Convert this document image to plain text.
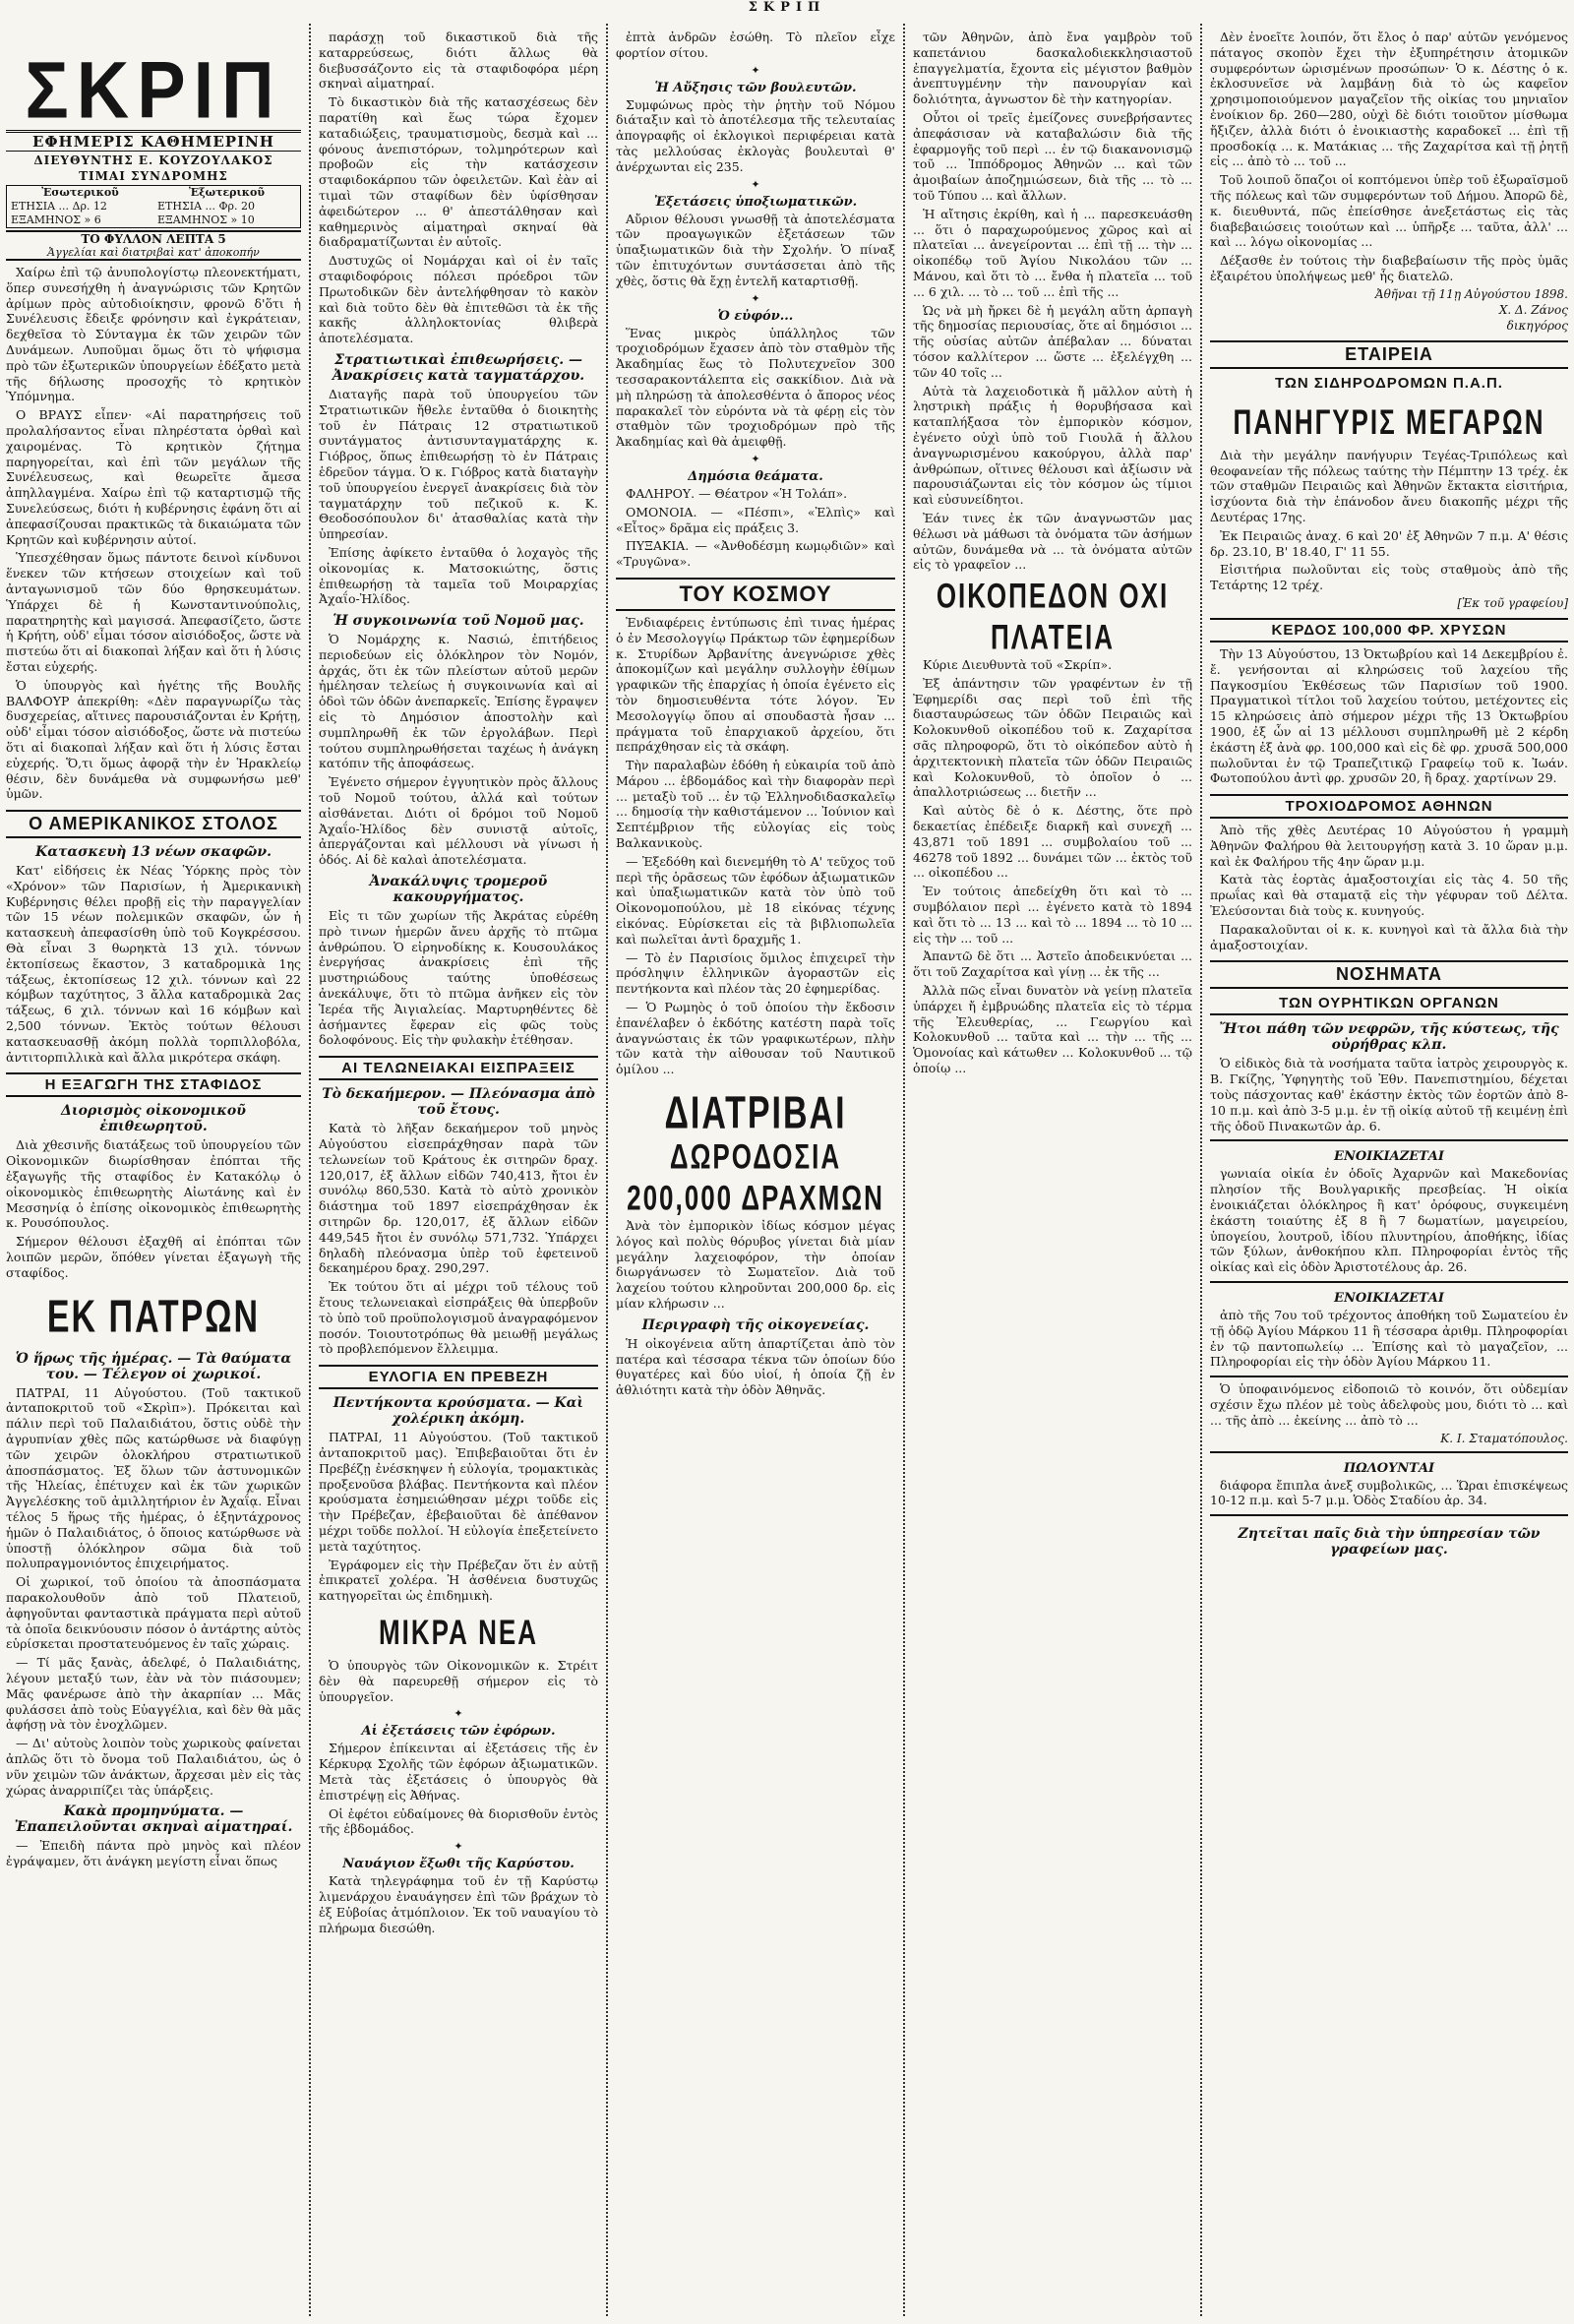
ΣΚΡΙΠ
ΣΚΡΙΠ
ΕΦΗΜΕΡΙΣ ΚΑΘΗΜΕΡΙΝΗ
ΔΙΕΥΘΥΝΤΗΣ Ε. ΚΟΥΖΟΥΛΑΚΟΣ
ΤΙΜΑΙ ΣΥΝΔΡΟΜΗΣ
Ἐσωτερικοῦ	Ἐξωτερικοῦ
ΕΤΗΣΙΑ ... Δρ. 12 ΕΞΑΜΗΝΟΣ » 6
ΕΤΗΣΙΑ ... Φρ. 20 ΕΞΑΜΗΝΟΣ » 10
ΤΟ ΦΥΛΛΟΝ ΛΕΠΤΑ 5
Ἀγγελίαι καὶ διατριβαὶ κατ' ἀποκοπήν

Χαίρω ἐπὶ τῷ ἀνυπολογίστῳ πλεονεκτήματι, ὅπερ συνεσήχθη ἡ ἀναγνώρισις τῶν Κρητῶν ἀρίμων πρὸς αὐτοδιοίκησιν, φρονῶ δ'ὅτι ἡ Συνέλευσις ἔδειξε φρόνησιν καὶ ἐγκράτειαν, δεχθεῖσα τὸ Σύνταγμα ἐκ τῶν χειρῶν τῶν Δυνάμεων. Λυποῦμαι ὅμως ὅτι τὸ ψήφισμα πρὸ τῶν ἐξωτερικῶν ὑπουργείων ἐδέξατο μετὰ τῆς δήλωσης προσοχῆς τὸ κρητικὸν Ὑπόμνημα.

Ο ΒΡΑΥΣ εἶπεν· «Αἱ παρατηρήσεις τοῦ προλαλήσαντος εἶναι πληρέστατα ὀρθαὶ καὶ χαιρομένας. Τὸ κρητικὸν ζήτημα παρηγορείται, καὶ ἐπὶ τῶν μεγάλων τῆς Συνέλευσεως, καὶ θεωρεῖτε ἄμεσα ἀπηλλαγμένα. Χαίρω ἐπὶ τῷ καταρτισμῷ τῆς Συνελεύσεως, διότι ἡ κυβέρνησις ἐφάνη ὅτι αἱ ἀπεφασίζουσαι πρακτικῶς τὰ δικαιώματα τῶν Κρητῶν καὶ κυβέρνησιν αὐτοί.

Ὑπεσχέθησαν ὅμως πάντοτε δεινοὶ κίνδυνοι ἕνεκεν τῶν κτήσεων στοιχείων καὶ τοῦ ἀνταγωνισμοῦ τῶν δύο θρησκευμάτων. Ὑπάρχει δὲ ἡ Κωνσταντινούπολις, παρατηρητὴς καὶ μαγισσά. Ἀπεφασίζετο, ὥστε ἡ Κρήτη, οὐδ' εἶμαι τόσον αἰσιόδοξος, ὥστε νὰ πιστεύω ὅτι αἱ διακοπαὶ λήξαν καὶ ὅτι ἡ λύσις ἔσται εὐχερής.

Ὁ ὑπουργὸς καὶ ἡγέτης τῆς Βουλῆς ΒΑΛΦΟΥΡ ἀπεκρίθη: «Δὲν παραγνωρίζω τὰς δυσχερείας, αἵτινες παρουσιάζονται ἐν Κρήτῃ, οὐδ' εἶμαι τόσον αἰσιόδοξος, ὥστε νὰ πιστεύω ὅτι αἱ διακοπαὶ λήξαν καὶ ὅτι ἡ λύσις ἔσται εὐχερής. Ὅ,τι ὅμως ἀφορᾷ τὴν ἐν Ἡρακλείῳ θέσιν, δὲν δυνάμεθα νὰ συμφωνήσω μεθ' ὑμῶν.

Ο ΑΜΕΡΙΚΑΝΙΚΟΣ ΣΤΟΛΟΣ
Κατασκευὴ 13 νέων σκαφῶν.

Κατ' εἰδήσεις ἐκ Νέας Ὑόρκης πρὸς τὸν «Χρόνον» τῶν Παρισίων, ἡ Ἀμερικανικὴ Κυβέρνησις θέλει προβῇ εἰς τὴν παραγγελίαν τῶν 15 νέων πολεμικῶν σκαφῶν, ὧν ἡ κατασκευὴ ἀπεφασίσθη ὑπὸ τοῦ Κογκρέσσου. Θὰ εἶναι 3 θωρηκτὰ 13 χιλ. τόννων ἐκτοπίσεως ἕκαστον, 3 καταδρομικὰ 1ης τάξεως, ἐκτοπίσεως 12 χιλ. τόννων καὶ 22 κόμβων ταχύτητος, 3 ἄλλα καταδρομικὰ 2ας τάξεως, 6 χιλ. τόννων καὶ 16 κόμβων καὶ 2,500 τόννων. Ἐκτὸς τούτων θέλουσι κατασκευασθῇ ἀκόμη πολλὰ τορπιλλοβόλα, ἀντιτορπιλλικὰ καὶ ἄλλα μικρότερα σκάφη.

Η ΕΞΑΓΩΓΗ ΤΗΣ ΣΤΑΦΙΔΟΣ
Διορισμὸς οἰκονομικοῦ ἐπιθεωρητοῦ.

Διὰ χθεσινῆς διατάξεως τοῦ ὑπουργείου τῶν Οἰκονομικῶν διωρίσθησαν ἐπόπται τῆς ἐξαγωγῆς τῆς σταφίδος ἐν Κατακόλῳ ὁ οἰκονομικὸς ἐπιθεωρητὴς Αἰωτάνης καὶ ἐν Μεσσηνίᾳ ὁ ἐπίσης οἰκονομικὸς ἐπιθεωρητὴς κ. Ρουσόπουλος.

Σήμερον θέλουσι ἐξαχθῆ αἱ ἐπόπται τῶν λοιπῶν μερῶν, ὅπόθεν γίνεται ἐξαγωγὴ τῆς σταφίδος.

ΕΚ ΠΑΤΡΩΝ
Ὁ ἥρως τῆς ἡμέρας. — Τὰ θαύματα του. — Τέλεγον οἱ χωρικοί.

ΠΑΤΡΑΙ, 11 Αὐγούστου. (Τοῦ τακτικοῦ ἀνταποκριτοῦ τοῦ «Σκρὶπ»). Πρόκειται καὶ πάλιν περὶ τοῦ Παλαιδιάτου, ὅστις οὐδὲ τὴν ἀγρυπνίαν χθὲς πῶς κατώρθωσε νὰ διαφύγῃ τῶν χειρῶν ὁλοκλήρου στρατιωτικοῦ ἀποσπάσματος. Ἐξ ὅλων τῶν ἀστυνομικῶν τῆς Ἠλείας, ἐπέτυχεν καὶ ἐκ τῶν χωρικῶν Ἀγγελέσκης τοῦ ἀμιλλητήριον ἐν Ἀχαΐᾳ. Εἶναι τέλος 5 ἥρως τῆς ἡμέρας, ὁ ἑξηντάχρονος ἡμῶν ὁ Παλαιδιάτος, ὁ ὅποιος κατώρθωσε νὰ ὑποστῇ ὁλόκληρον σῶμα διὰ τοῦ πολυπραγμονιόντος ἐπιχειρήματος.

Οἱ χωρικοί, τοῦ ὁποίου τὰ ἀποσπάσματα παρακολουθοῦν ἀπὸ τοῦ Πλατειοῦ, ἀφηγοῦνται φανταστικὰ πράγματα περὶ αὐτοῦ τὰ ὁποῖα δεικνύουσιν πόσον ὁ ἀντάρτης αὐτὸς εὑρίσκεται προστατευόμενος ἐν ταῖς χώραις.

— Τί μᾶς ξανὰς, ἀδελφέ, ὁ Παλαιδιάτης, λέγουν μεταξύ των, ἐὰν νὰ τὸν πιάσουμεν; Μᾶς φανέρωσε ἀπὸ τὴν ἀκαρπίαν ... Μᾶς φυλάσσει ἀπὸ τοὺς Εὐαγγέλια, καὶ δὲν θὰ μᾶς ἀφήσῃ νὰ τὸν ἐνοχλῶμεν.

— Δι' αὐτοὺς λοιπὸν τοὺς χωρικοὺς φαίνεται ἀπλῶς ὅτι τὸ ὄνομα τοῦ Παλαιδιάτου, ὡς ὁ νῦν χειμὼν τῶν ἀνάκτων, ἄρχεσαι μὲν εἰς τὰς χώρας ἀναρριπίζει τὰς ὑπάρξεις.

Κακὰ προμηνύματα. — Ἐπαπειλοῦνται σκηναὶ αἱματηραί.

— Ἐπειδὴ πάντα πρὸ μηνὸς καὶ πλέον ἐγράψαμεν, ὅτι ἀνάγκη μεγίστη εἶναι ὅπως

παράσχῃ τοῦ δικαστικοῦ διὰ τῆς καταρρεύσεως, διότι ἄλλως θὰ διεβυσσάζοντο εἰς τὰ σταφιδοφόρα μέρη σκηναὶ αἱματηραί.

Τὸ δικαστικὸν διὰ τῆς κατασχέσεως δὲν παρατίθη καὶ ἕως τώρα ἔχομεν καταδιώξεις, τραυματισμοὺς, δεσμὰ καὶ ... φόνους ἀνεπιστόρων, τολμηρότερων καὶ προβοῶν εἰς τὴν κατάσχεσιν σταφιδοκάρπου τῶν ὀφειλετῶν. Καὶ ἐὰν αἱ τιμαὶ τῶν σταφίδων δὲν ὑφίσθησαν ἀφειδώτερον ... θ' ἀπεστάλθησαν καὶ καθημερινὸς αἱματηραὶ σκηναί θὰ διαδραματίζωνται ἐν αὐτοῖς.

Δυστυχῶς οἱ Νομάρχαι καὶ οἱ ἐν ταῖς σταφιδοφόροις πόλεσι πρόεδροι τῶν Πρωτοδικῶν δὲν ἀντελήφθησαν τὸ κακὸν καὶ διὰ τοῦτο δὲν θὰ ἐπιτεθῶσι τὰ ἐκ τῆς κακῆς ἀλληλοκτονίας θλιβερὰ ἀποτελέσματα.

Στρατιωτικαὶ ἐπιθεωρήσεις. — Ἀνακρίσεις κατὰ ταγματάρχου.

Διαταγῆς παρὰ τοῦ ὑπουργείου τῶν Στρατιωτικῶν ἤθελε ἐνταῦθα ὁ διοικητὴς τοῦ ἐν Πάτραις 12 στρατιωτικοῦ συντάγματος ἀντισυνταγματάρχης κ. Γιόβρος, ὅπως ἐπιθεωρήσῃ τὸ ἐν Πάτραις ἑδρεῦον τάγμα. Ὁ κ. Γιόβρος κατὰ διαταγὴν τοῦ ὑπουργείου ἐνεργεῖ ἀνακρίσεις διὰ τὸν ταγματάρχην τοῦ πεζικοῦ κ. Κ. Θεοδοσόπουλον δι' ἀτασθαλίας κατὰ τὴν ὑπηρεσίαν.

Ἐπίσης ἀφίκετο ἐνταῦθα ὁ λοχαγὸς τῆς οἰκονομίας κ. Ματσοκιώτης, ὅστις ἐπιθεωρήσῃ τὰ ταμεῖα τοῦ Μοιραρχίας Ἀχαΐο-Ἠλίδος.

Ἡ συγκοινωνία τοῦ Νομοῦ μας.

Ὁ Νομάρχης κ. Νασιώ, ἐπιτήδειος περιοδεύων εἰς ὁλόκληρον τὸν Νομόν, ἀρχάς, ὅτι ἐκ τῶν πλείστων αὐτοῦ μερῶν ἠμέλησαν τελείως ἡ συγκοινωνία καὶ αἱ ὁδοὶ τῶν ὁδῶν ἀνεπαρκεῖς. Ἐπίσης ἔγραψεν εἰς τὸ Δημόσιον ἀποστολὴν καὶ συμπληρωθῆ ἐκ τῶν ἐργολάβων. Περὶ τούτου συμπληρωθήσεται ταχέως ἡ ἀνάγκη κατόπιν τῆς ἀποφάσεως.

Ἐγένετο σήμερον ἐγγυητικὸν πρὸς ἄλλους τοῦ Νομοῦ τούτου, ἀλλά καὶ τούτων αἰσθάνεται. Διότι οἱ δρόμοι τοῦ Νομοῦ Ἀχαΐο-Ἠλίδος δὲν συνιστᾷ αὐτοῖς, ἀπεργάζονται καὶ μέλλουσι νὰ γίνωσι ἡ ὁδός. Αἱ δὲ καλαὶ ἀποτελέσματα.

Ἀνακάλυψις τρομεροῦ κακουργήματος.

Εἰς τι τῶν χωρίων τῆς Ἀκράτας εὑρέθη πρὸ τινων ἡμερῶν ἄνευ ἀρχῆς τὸ πτῶμα ἀνθρώπου. Ὁ εἰρηνοδίκης κ. Κουσουλάκος ἐνεργήσας ἀνακρίσεις ἐπὶ τῆς μυστηριώδους ταύτης ὑποθέσεως ἀνεκάλυψε, ὅτι τὸ πτῶμα ἀνῆκεν εἰς τὸν Ἱερέα τῆς Ἀιγιαλείας. Μαρτυρηθέντες δὲ ἀσήμαντες ἔφεραν εἰς φῶς τοὺς δολοφόνους. Εἰς τὴν φυλακὴν ἐτέθησαν.

ΑΙ ΤΕΛΩΝΕΙΑΚΑΙ ΕΙΣΠΡΑΞΕΙΣ
Τὸ δεκαήμερον. — Πλεόνασμα ἀπὸ τοῦ ἔτους.

Κατὰ τὸ λῆξαν δεκαήμερον τοῦ μηνὸς Αὐγούστου εἰσεπράχθησαν παρὰ τῶν τελωνείων τοῦ Κράτους ἐκ σιτηρῶν δραχ. 120,017, ἐξ ἄλλων εἰδῶν 740,413, ἤτοι ἐν συνόλῳ 860,530. Κατὰ τὸ αὐτὸ χρονικὸν διάστημα τοῦ 1897 εἰσεπράχθησαν ἐκ σιτηρῶν δρ. 120,017, ἐξ ἄλλων εἰδῶν 449,545 ἤτοι ἐν συνόλῳ 571,732. Ὑπάρχει δηλαδὴ πλεόνασμα ὑπὲρ τοῦ ἐφετεινοῦ δεκαημέρου δραχ. 290,297.

Ἐκ τούτου ὅτι αἱ μέχρι τοῦ τέλους τοῦ ἔτους τελωνειακαὶ εἰσπράξεις θὰ ὑπερβοῦν τὸ ὑπὸ τοῦ προϋπολογισμοῦ ἀναγραφόμενον ποσόν. Τοιουτοτρόπως θὰ μειωθῇ μεγάλως τὸ προβλεπόμενον ἔλλειμμα.

ΕΥΛΟΓΙΑ ΕΝ ΠΡΕΒΕΖΗ
Πεντήκοντα κρούσματα. — Καὶ χολέρικη ἀκόμη.

ΠΑΤΡΑΙ, 11 Αὐγούστου. (Τοῦ τακτικοῦ ἀνταποκριτοῦ μας). Ἐπιβεβαιοῦται ὅτι ἐν Πρεβέζῃ ἐνέσκηψεν ἡ εὐλογία, τρομακτικὰς προξενοῦσα βλάβας. Πεντήκοντα καὶ πλέον κρούσματα ἐσημειώθησαν μέχρι τοῦδε εἰς τὴν Πρέβεζαν, ἐβεβαιοῦται δὲ ἀπέθανον μέχρι τοῦδε πολλοί. Ἡ εὐλογία ἐπεξετείνετο μετὰ ταχύτητος.

Ἐγράφομεν εἰς τὴν Πρέβεζαν ὅτι ἐν αὐτῇ ἐπικρατεῖ χολέρα. Ἡ ἀσθένεια δυστυχῶς κατηγορεῖται ὡς ἐπιδημικὴ.

ΜΙΚΡΑ ΝΕΑ

Ὁ ὑπουργὸς τῶν Οἰκονομικῶν κ. Στρέιτ δὲν θὰ παρευρεθῇ σήμερον εἰς τὸ ὑπουργεῖον.

✦
Αἱ ἐξετάσεις τῶν ἐφόρων.

Σήμερον ἐπίκεινται αἱ ἐξετάσεις τῆς ἐν Κέρκυρᾳ Σχολῆς τῶν ἐφόρων ἀξιωματικῶν. Μετὰ τὰς ἐξετάσεις ὁ ὑπουργὸς θὰ ἐπιστρέψῃ εἰς Ἀθήνας.

Οἱ ἐφέτοι εὐδαίμονες θὰ διορισθοῦν ἐντὸς τῆς ἑβδομάδος.

✦
Ναυάγιον ἔξωθι τῆς Καρύστου.

Κατὰ τηλεγράφημα τοῦ ἐν τῇ Καρύστῳ λιμενάρχου ἐναυάγησεν ἐπὶ τῶν βράχων τὸ ἐξ Εὐβοίας ἀτμόπλοιον. Ἐκ τοῦ ναυαγίου τὸ πλήρωμα διεσώθη.

ἐπτὰ ἀνδρῶν ἐσώθη. Τὸ πλεῖον εἶχε φορτίον σίτου.

✦
Ἡ Αὔξησις τῶν βουλευτῶν.

Συμφώνως πρὸς τὴν ῥητὴν τοῦ Νόμου διάταξιν καὶ τὸ ἀποτέλεσμα τῆς τελευταίας ἀπογραφῆς οἱ ἐκλογικοὶ περιφέρειαι κατὰ τὰς μελλούσας ἐκλογὰς βουλευταὶ θ' ἀνέρχωνται εἰς 235.

✦
Ἐξετάσεις ὑποξιωματικῶν.

Αὔριον θέλουσι γνωσθῇ τὰ ἀποτελέσματα τῶν προαγωγικῶν ἐξετάσεων τῶν ὑπαξιωματικῶν διὰ τὴν Σχολήν. Ὁ πίναξ τῶν ἐπιτυχόντων συντάσσεται ἀπὸ τῆς χθὲς, ὅστις θὰ ἔχῃ ἐντελῆ καταρτισθῇ.

✦
Ὁ εὐφόν...

Ἕνας μικρὸς ὑπάλληλος τῶν τροχιοδρόμων ἔχασεν ἀπὸ τὸν σταθμὸν τῆς Ἀκαδημίας ἕως τὸ Πολυτεχνεῖον 300 τεσσαρακοντάλεπτα εἰς σακκίδιον. Διὰ νὰ μὴ πληρώσῃ τὰ ἀπολεσθέντα ὁ ἄπορος νέος παρακαλεῖ τὸν εὑρόντα νὰ τὰ φέρῃ εἰς τὸν σταθμὸν τῶν τροχιοδρόμων πρὸ τῆς Ἀκαδημίας καὶ θὰ ἀμειφθῇ.

✦
Δημόσια θεάματα.

ΦΑΛΗΡΟΥ. — Θέατρον «Ἡ Τολάπ».

ΟΜΟΝΟΙΑ. — «Πέσπι», «Ἐλπὶς» καὶ «Εἶτος» δρᾶμα εἰς πράξεις 3.

ΠΥΞΑΚΙΑ. — «Ἀνθοδέσμη κωμῳδιῶν» καὶ «Τρυγῶνα».

ΤΟΥ ΚΟΣΜΟΥ

Ἐνδιαφέρεις ἐντύπωσις ἐπὶ τινας ἡμέρας ὁ ἐν Μεσολογγίῳ Πράκτωρ τῶν ἐφημερίδων κ. Στυρίδων Ἀρβανίτης ἀνεγνώρισε χθὲς ἀποκομίζων καὶ μεγάλην συλλογὴν ἐθίμων γραφικῶν τῆς ἐπαρχίας ἡ ὁποία ἐγένετο εἰς τὸν δημοσιευθέντα τότε λόγον. Ἐν Μεσολογγίῳ ὅπου αἱ σπουδαστὰ ἦσαν ... πράγματα τοῦ ἐπαρχιακοῦ ἀρχείου, ὅτι πεπράχθησαν εἰς τὰ σκάφη.

Τὴν παραλαβὼν ἐδόθη ἡ εὐκαιρία τοῦ ἀπὸ Μάρου ... ἑβδομάδος καὶ τὴν διαφορὰν περὶ ... μεταξὺ τοῦ ... ἐν τῷ Ἐλληνοδιδασκαλεῖῳ ... δημοσίᾳ τὴν καθιστάμενον ... Ἰούνιον καὶ Σεπτέμβριον τῆς εὐλογίας εἰς τοὺς Βαλκανικοὺς.

— Ἐξεδόθη καὶ διενεμήθη τὸ Α' τεῦχος τοῦ περὶ τῆς ὁρᾶσεως τῶν ἐφόδων ἀξιωματικῶν καὶ ὑπαξιωματικῶν κατὰ τὸν ὑπὸ τοῦ Οἰκονομοπούλου, μὲ 18 εἰκόνας τέχνης εἰκόνας. Εὑρίσκεται εἰς τὰ βιβλιοπωλεῖα καὶ πωλεῖται ἀντὶ δραχμῆς 1.

— Τὸ ἐν Παρισίοις ὅμιλος ἐπιχειρεῖ τὴν πρόσληψιν ἑλληνικῶν ἀγοραστῶν εἰς πεντήκοντα καὶ πλέον τὰς 20 ἐφημερίδας.

— Ὁ Ρωμηὸς ὁ τοῦ ὁποίου τὴν ἔκδοσιν ἐπανέλαβεν ὁ ἐκδότης κατέστη παρὰ τοῖς ἀναγνώσταις ἐκ τῶν γραφικωτέρων, πλὴν τῶν κατὰ τὴν αἰθουσαν τοῦ Ναυτικοῦ ὀμίλου ...

ΔΙΑΤΡΙΒΑΙ
ΔΩΡΟΔΟΣΙΑ 200,000 ΔΡΑΧΜΩΝ

Ἀνὰ τὸν ἐμπορικὸν ἰδίως κόσμον μέγας λόγος καὶ πολὺς θόρυβος γίνεται διὰ μίαν μεγάλην λαχειοφόρον, τὴν ὁποίαν διωργάνωσεν τὸ Σωματεῖον. Διὰ τοῦ λαχείου τούτου κληροῦνται 200,000 δρ. εἰς μίαν κλήρωσιν ...

Περιγραφὴ τῆς οἰκογενείας.

Ἡ οἰκογένεια αὕτη ἀπαρτίζεται ἀπὸ τὸν πατέρα καὶ τέσσαρα τέκνα τῶν ὁποίων δύο θυγατέρες καὶ δύο υἱοί, ἡ ὁποία ζῇ ἐν ἀθλιότητι κατὰ τὴν ὁδὸν Ἀθηνᾶς.

τῶν Ἀθηνῶν, ἀπὸ ἔνα γαμβρὸν τοῦ καπετάνιου δασκαλοδιεκκλησιαστοῦ ἐπαγγελματία, ἔχοντα εἰς μέγιστον βαθμὸν ἀνεπτυγμένην τὴν πανουργίαν καὶ δολιότητα, ἀγνωστον δὲ τὴν κατηγορίαν.

Οὗτοι οἱ τρεῖς ἐμείζονες συνεβρήσαντες ἀπεφάσισαν νὰ καταβαλώσιν διὰ τῆς ἐφαρμογῆς τοῦ περὶ ... ἐν τῷ διακανονισμῷ τοῦ ... Ἰππόδρομος Ἀθηνῶν ... καὶ τῶν ἀμοιβαίων ἀποζημιώσεων, διὰ τῆς ... τὸ ... τοῦ Τύπου ... καὶ ἄλλων.

Ἡ αἴτησις ἐκρίθη, καὶ ἡ ... παρεσκευάσθη ... ὅτι ὁ παραχωρούμενος χῶρος καὶ αἱ πλατεῖαι ... ἀνεγείρονται ... ἐπὶ τῇ ... τὴν ... οἰκοπέδῳ τοῦ Ἀγίου Νικολάου τῶν ... Μάνου, καὶ ὅτι τὸ ... ἔνθα ἡ πλατεῖα ... τοῦ ... 6 χιλ. ... τὸ ... τοῦ ... ἐπὶ τῆς ...

Ὡς νὰ μὴ ἤρκει δὲ ἡ μεγάλη αὕτη ἀρπαγὴ τῆς δημοσίας περιουσίας, ὅτε αἱ δημόσιοι ... τῆς οὐσίας αὐτῶν ἀπέβαλαν ... δύναται τόσον καλλίτερον ... ὥστε ... ἐξελέγχθη ... τῶν 40 τοῖς ...

Αὐτὰ τὰ λαχειοδοτικὰ ἤ μᾶλλον αὐτὴ ἡ ληστρικὴ πράξις ἡ θορυβήσασα καὶ καταπλήξασα τὸν ἐμπορικὸν κόσμον, ἐγένετο οὐχὶ ὑπὸ τοῦ Γιουλᾶ ἡ ἄλλου ἀναγνωρισμένου κακούργου, ἀλλὰ παρ' ἀνθρώπων, οἵτινες θέλουσι καὶ ἀξίωσιν νὰ παρουσιάζωνται εἰς τὸν κόσμον ὡς τίμιοι καὶ εὐσυνείδητοι.

Ἐάν τινες ἐκ τῶν ἀναγνωστῶν μας θέλωσι νὰ μάθωσι τὰ ὀνόματα τῶν ἀσήμων αὐτῶν, δυνάμεθα νὰ ... τὰ ὀνόματα αὐτῶν εἰς τὸ γραφεῖον ...

ΟΙΚΟΠΕΔΟΝ ΟΧΙ ΠΛΑΤΕΙΑ

Κύριε Διευθυντὰ τοῦ «Σκρίπ».

Ἐξ ἀπάντησιν τῶν γραφέντων ἐν τῇ Ἐφημερίδι σας περὶ τοῦ ἐπὶ τῆς διασταυρώσεως τῶν ὁδῶν Πειραιῶς καὶ Κολοκυνθοῦ οἰκοπέδου τοῦ κ. Ζαχαρίτσα σᾶς πληροφορῶ, ὅτι τὸ οἰκόπεδον αὐτὸ ἡ ἀρχιτεκτονικὴ πλατεῖα τῶν ὁδῶν Πειραιῶς καὶ Κολοκυνθοῦ, τὸ ὁποῖον ὁ ... ἀπαλλοτριώσεως ... διετῆν ...

Καὶ αὐτὸς δὲ ὁ κ. Δέστης, ὅτε πρὸ δεκαετίας ἐπέδειξε διαρκῆ καὶ συνεχῆ ... 43,871 τοῦ 1891 ... συμβολαίου τοῦ ... 46278 τοῦ 1892 ... δυνάμει τῶν ... ἐκτὸς τοῦ ... οἰκοπέδου ...

Ἐν τούτοις ἀπεδείχθη ὅτι καὶ τὸ ... συμβόλαιον περὶ ... ἐγένετο κατὰ τὸ 1894 καὶ ὅτι τὸ ... 13 ... καὶ τὸ ... 1894 ... τὸ 10 ... εἰς τὴν ... τοῦ ...

Ἀπαντῶ δὲ ὅτι ... Ἀστεῖο ἀποδεικνύεται ... ὅτι τοῦ Ζαχαρίτσα καὶ γίνῃ ... ἐκ τῆς ...

Ἀλλὰ πῶς εἶναι δυνατὸν νὰ γείνῃ πλατεῖα ὑπάρχει ἤ ἐμβρυώδης πλατεῖα εἰς τὸ τέρμα τῆς Ἐλευθερίας, ... Γεωργίου καὶ Κολοκυνθοῦ ... ταῦτα καὶ ... τὴν ... τῆς ... Ὁμονοίας καὶ κάτωθεν ... Κολοκυνθοῦ ... τῷ ὁποίῳ ...

Δὲν ἐνοεῖτε λοιπόν, ὅτι ἔλος ὁ παρ' αὐτῶν γενόμενος πάταγος σκοπὸν ἔχει τὴν ἐξυπηρέτησιν ἀτομικῶν συμφερόντων ὡρισμένων προσώπων· Ὁ κ. Δέστης ὁ κ. ἐκλοσυνεῖσε νὰ λαμβάνῃ διὰ τὸ ὡς καφεῖον χρησιμοποιούμενον μαγαζεῖον τῆς οἰκίας του μηνιαῖον ἐνοίκιον δρ. 260—280, οὐχὶ δὲ διότι τοιοῦτον μίσθωμα ἤξιζεν, ἀλλὰ διότι ὁ ἐνοικιαστὴς καραδοκεῖ ... ἐπὶ τῇ προσδοκίᾳ ... κ. Ματάκιας ... τῆς Ζαχαρίτσα καὶ τῇ ῥητῇ εἰς ... ἀπὸ τὸ ... τοῦ ...

Τοῦ λοιποῦ ὅπαζοι οἱ κοπτόμενοι ὑπὲρ τοῦ ἐξωραϊσμοῦ τῆς πόλεως καὶ τῶν συμφερόντων τοῦ Δήμου. Ἀπορῶ δὲ, κ. διευθυντά, πῶς ἐπείσθησε ἀνεξετάστως εἰς τὰς διαβεβαιώσεις τοιούτων καὶ ... ὑπῆρξε ... ταῦτα, ἀλλ' ... καὶ ... λόγω οἰκονομίας ...

Δέξασθε ἐν τούτοις τὴν διαβεβαίωσιν τῆς πρὸς ὑμᾶς ἐξαιρέτου ὑπολήψεως μεθ' ἧς διατελῶ.

Ἀθῆναι τῇ 11ῃ Αὐγούστου 1898.
Χ. Δ. Ζάνος
δικηγόρος
ΕΤΑΙΡΕΙΑ
ΤΩΝ ΣΙΔΗΡΟΔΡΟΜΩΝ Π.Α.Π.
ΠΑΝΗΓΥΡΙΣ ΜΕΓΑΡΩΝ

Διὰ τὴν μεγάλην πανήγυριν Τεγέας-Τριπόλεως καὶ θεοφανείαν τῆς πόλεως ταύτης τὴν Πέμπτην 13 τρέχ. ἐκ τῶν σταθμῶν Πειραιῶς καὶ Ἀθηνῶν ἔκτακτα εἰσιτήρια, ἰσχύοντα διὰ τὴν ἐπάνοδον ἄνευ διακοπῆς μέχρι τῆς Δευτέρας 17ης.

Ἐκ Πειραιῶς ἀναχ. 6 καὶ 20' ἐξ Ἀθηνῶν 7 π.μ. Α' θέσις δρ. 23.10, Β' 18.40, Γ' 11 55.

Εἰσιτήρια πωλοῦνται εἰς τοὺς σταθμοὺς ἀπὸ τῆς Τετάρτης 12 τρέχ.

[Ἐκ τοῦ γραφείου]
ΚΕΡΔΟΣ 100,000 ΦΡ. ΧΡΥΣΩΝ

Τὴν 13 Αὐγούστου, 13 Ὀκτωβρίου καὶ 14 Δεκεμβρίου ἐ. ἔ. γενήσονται αἱ κληρώσεις τοῦ λαχείου τῆς Παγκοσμίου Ἐκθέσεως τῶν Παρισίων τοῦ 1900. Πραγματικοὶ τίτλοι τοῦ λαχείου τούτου, μετέχοντες εἰς 15 κληρώσεις ἀπὸ σήμερον μέχρι τῆς 13 Ὀκτωβρίου 1900, ἐξ ὧν αἱ 13 μέλλουσι συμπληρωθῆ μὲ 2 κέρδη ἑκάστη ἐξ ἀνὰ φρ. 100,000 καὶ εἰς δὲ φρ. χρυσᾶ 500,000 πωλοῦνται ἐν τῷ Τραπεζιτικῷ Γραφείῳ τοῦ κ. Ἰωάν. Φωτοπούλου ἀντὶ φρ. χρυσῶν 20, ἢ δραχ. χαρτίνων 29.

ΤΡΟΧΙΟΔΡΟΜΟΣ ΑΘΗΝΩΝ

Ἀπὸ τῆς χθὲς Δευτέρας 10 Αὐγούστου ἡ γραμμὴ Ἀθηνῶν Φαλήρου θὰ λειτουργήσῃ κατὰ 3. 10 ὥραν μ.μ. καὶ ἐκ Φαλήρου τῆς 4ην ὥραν μ.μ.

Κατὰ τὰς ἑορτὰς ἁμαξοστοιχίαι εἰς τὰς 4. 50 τῆς πρωΐας καὶ θὰ σταματᾷ εἰς τὴν γέφυραν τοῦ Δέλτα. Ἐλεύσονται διὰ τοὺς κ. κυνηγούς.

Παρακαλοῦνται οἱ κ. κ. κυνηγοὶ καὶ τὰ ἄλλα διὰ τὴν ἀμαξοστοιχίαν.

ΝΟΣΗΜΑΤΑ
ΤΩΝ ΟΥΡΗΤΙΚΩΝ ΟΡΓΑΝΩΝ
Ἤτοι πάθη τῶν νεφρῶν, τῆς κύστεως, τῆς οὐρήθρας κλπ.

Ὁ εἰδικὸς διὰ τὰ νοσήματα ταῦτα ἰατρὸς χειρουργὸς κ. Β. Γκίζης, Ὑφηγητὴς τοῦ Ἐθν. Πανεπιστημίου, δέχεται τοὺς πάσχοντας καθ' ἑκάστην ἐκτὸς τῶν ἑορτῶν ἀπὸ 8-10 π.μ. καὶ ἀπὸ 3-5 μ.μ. ἐν τῇ οἰκίᾳ αὐτοῦ τῇ κειμένῃ ἐπὶ τῆς ὁδοῦ Πινακωτῶν ἀρ. 6.

ΕΝΟΙΚΙΑΖΕΤΑΙ

γωνιαία οἰκία ἐν ὁδοῖς Ἀχαρνῶν καὶ Μακεδονίας πλησίον τῆς Βουλγαρικῆς πρεσβείας. Ἡ οἰκία ἐνοικιάζεται ὁλόκληρος ἢ κατ' ὀρόφους, συγκειμένη ἑκάστη τοιαύτης ἐξ 8 ἢ 7 δωματίων, μαγειρείου, ὑπογείου, λουτροῦ, ἰδίου πλυντηρίου, ἀποθήκης, ἰδίας τῶν ξύλων, ἀνθοκήπου κλπ. Πληροφορίαι ἐντὸς τῆς οἰκίας καὶ εἰς ὁδὸν Ἀριστοτέλους ἀρ. 26.

ΕΝΟΙΚΙΑΖΕΤΑΙ

ἀπὸ τῆς 7ου τοῦ τρέχοντος ἀποθήκη τοῦ Σωματείου ἐν τῇ ὁδῷ Ἀγίου Μάρκου 11 ἢ τέσσαρα ἀριθμ. Πληροφορίαι ἐν τῷ παντοπωλείῳ ... Ἐπίσης καὶ τὸ μαγαζεῖον, ... Πληροφορίαι εἰς τὴν ὁδὸν Ἀγίου Μάρκου 11.

Ὁ ὑποφαινόμενος εἰδοποιῶ τὸ κοινόν, ὅτι οὐδεμίαν σχέσιν ἔχω πλέον μὲ τοὺς ἀδελφοὺς μου, διότι τὸ ... καὶ ... τῆς ἀπὸ ... ἐκείνης ... ἀπὸ τὸ ...

Κ. Ι. Σταματόπουλος.
ΠΩΛΟΥΝΤΑΙ

διάφορα ἔπιπλα ἀνεξ συμβολικῶς, ... Ὥραι ἐπισκέψεως 10-12 π.μ. καὶ 5-7 μ.μ. Ὁδὸς Σταδίου ἀρ. 34.

Ζητεῖται παῖς διὰ τὴν ὑπηρεσίαν τῶν γραφείων μας.
